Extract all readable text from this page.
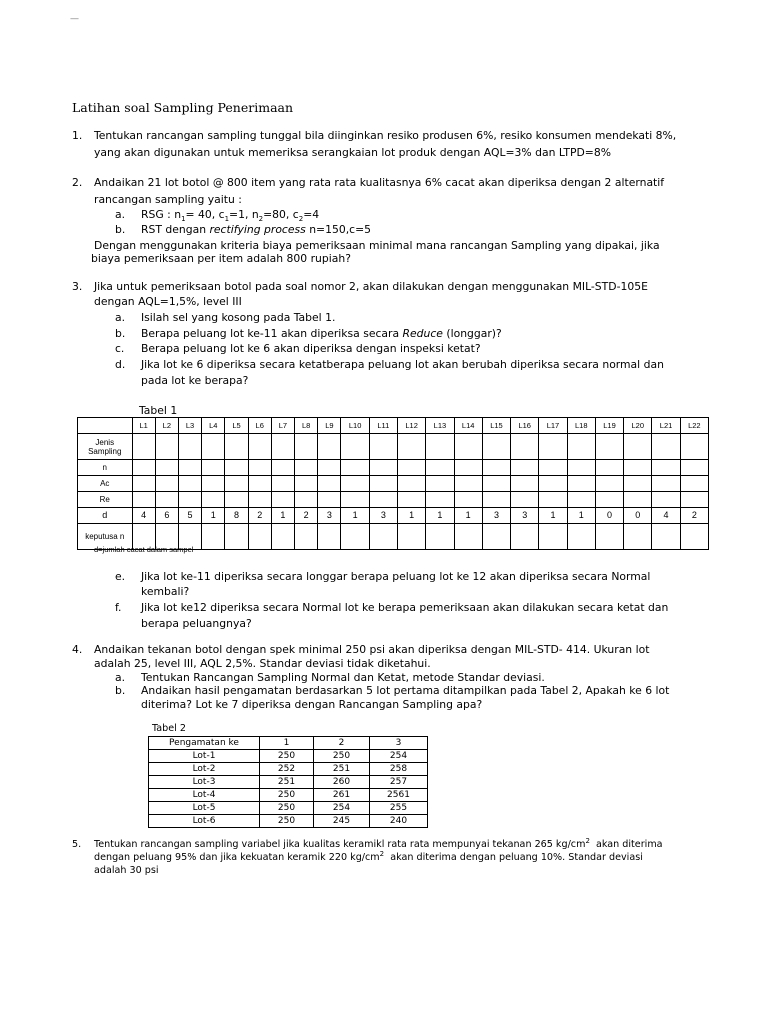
—
Latihan soal Sampling Penerimaan
1. Tentukan rancangan sampling tunggal bila diinginkan resiko produsen 6%, resiko konsumen mendekati 8%,
yang akan digunakan untuk memeriksa serangkaian lot produk dengan AQL=3% dan LTPD=8%
2. Andaikan 21 lot botol @ 800 item yang rata rata kualitasnya 6% cacat akan diperiksa dengan 2 alternatif
rancangan sampling yaitu :
a. RSG : $n_1= 40$, $c_1=1$, $n_2=80$, $c_2=4$
b. RST dengan rectifying process n=150,c=5
Dengan menggunakan kriteria biaya pemeriksaan minimal mana rancangan Sampling yang dipakai, jika
biaya pemeriksaan per item adalah 800 rupiah?
3. Jika untuk pemeriksaan botol pada soal nomor 2, akan dilakukan dengan menggunakan MIL-STD-105E
dengan AQL=1,5%, level III
a. Isilah sel yang kosong pada Tabel 1.
b. Berapa peluang lot ke-11 akan diperiksa secara Reduce (longgar)?
c. Berapa peluang lot ke 6 akan diperiksa dengan inspeksi ketat?
d. Jika lot ke 6 diperiksa secara ketatberapa peluang lot akan berubah diperiksa secara normal dan
pada lot ke berapa?
Tabel 1
	L1	L2	L3	L4	L5	L6	L7	L8	L9	L10	L11	L12	L13	L14	L15	L16	L17	L18	L19	L20	L21	L22
Jenis Sampling																						
n																						
Ac																						
Re																						
d	4	6	5	1	8	2	1	2	3	1	3	1	1	1	3	3	1	1	0	0	4	2
keputusa n																						
d=jumlah cacat dalam sampel
e. Jika lot ke-11 diperiksa secara longgar berapa peluang lot ke 12 akan diperiksa secara Normal
kembali?
f. Jika lot ke12 diperiksa secara Normal lot ke berapa pemeriksaan akan dilakukan secara ketat dan
berapa peluangnya?
4. Andaikan tekanan botol dengan spek minimal 250 psi akan diperiksa dengan MIL-STD- 414. Ukuran lot
adalah 25, level III, AQL 2,5%. Standar deviasi tidak diketahui.
a. Tentukan Rancangan Sampling Normal dan Ketat, metode Standar deviasi.
b. Andaikan hasil pengamatan berdasarkan 5 lot pertama ditampilkan pada Tabel 2, Apakah ke 6 lot
diterima? Lot ke 7 diperiksa dengan Rancangan Sampling apa?
Tabel 2
Pengamatan ke	1	2	3
Lot-1	250	250	254
Lot-2	252	251	258
Lot-3	251	260	257
Lot-4	250	261	2561
Lot-5	250	254	255
Lot-6	250	245	240
5. Tentukan rancangan sampling variabel jika kualitas keramikl rata rata mempunyai tekanan 265 $kg/cm^2$ akan diterima
dengan peluang 95% dan jika kekuatan keramik 220 $kg/cm^2$ akan diterima dengan peluang 10%. Standar deviasi
adalah 30 psi
